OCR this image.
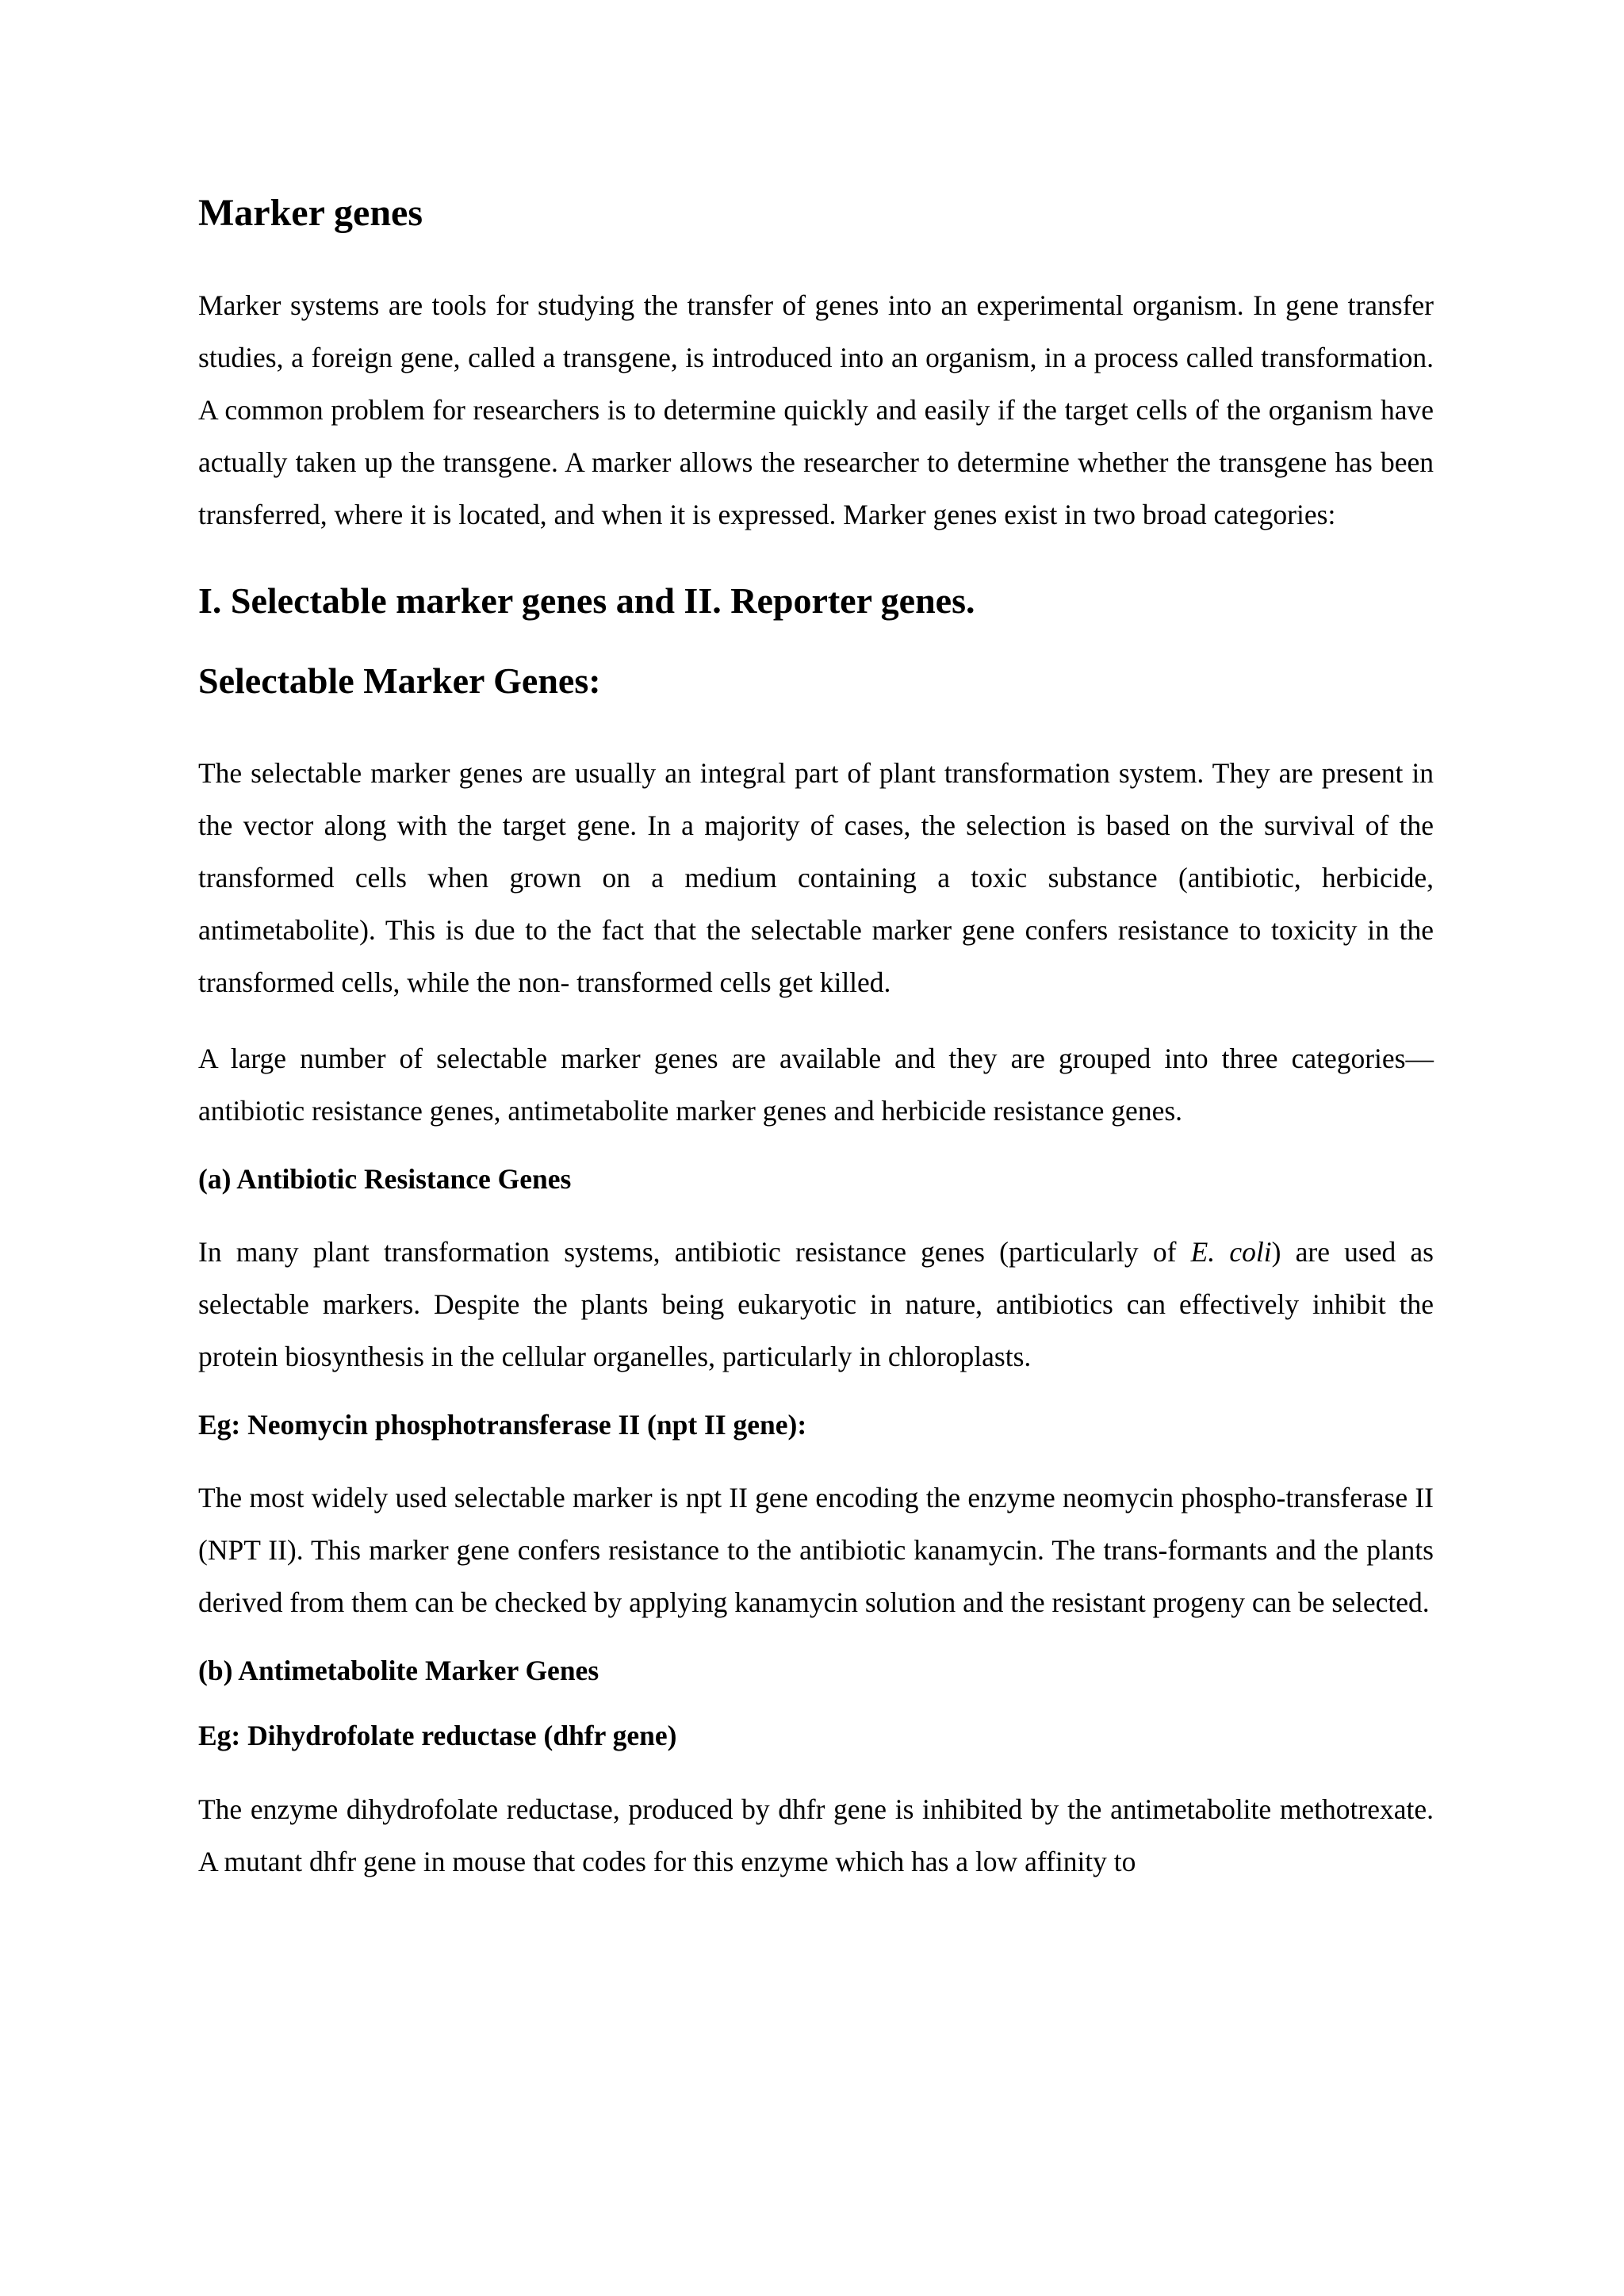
Marker genes

Marker systems are tools for studying the transfer of genes into an experimental organism. In gene transfer studies, a foreign gene, called a transgene, is introduced into an organism, in a process called transformation. A common problem for researchers is to determine quickly and easily if the target cells of the organism have actually taken up the transgene. A marker allows the researcher to determine whether the transgene has been transferred, where it is located, and when it is expressed. Marker genes exist in two broad categories:

I. Selectable marker genes and II. Reporter genes.
Selectable Marker Genes:

The selectable marker genes are usually an integral part of plant transformation system. They are present in the vector along with the target gene. In a majority of cases, the selection is based on the survival of the transformed cells when grown on a medium containing a toxic substance (antibiotic, herbicide, antimetabolite). This is due to the fact that the selectable marker gene confers resistance to toxicity in the transformed cells, while the non- transformed cells get killed.

A large number of selectable marker genes are available and they are grouped into three categories— antibiotic resistance genes, antimetabolite marker genes and herbicide resistance genes.

(a) Antibiotic Resistance Genes

In many plant transformation systems, antibiotic resistance genes (particularly of E. coli) are used as selectable markers. Despite the plants being eukaryotic in nature, antibiotics can effectively inhibit the protein biosynthesis in the cellular organelles, particularly in chloroplasts.

Eg: Neomycin phosphotransferase II (npt II gene):

The most widely used selectable marker is npt II gene encoding the enzyme neomycin phospho-transferase II (NPT II). This marker gene confers resistance to the antibiotic kanamycin. The trans-formants and the plants derived from them can be checked by applying kanamycin solution and the resistant progeny can be selected.

(b) Antimetabolite Marker Genes
Eg: Dihydrofolate reductase (dhfr gene)

The enzyme dihydrofolate reductase, produced by dhfr gene is inhibited by the antimetabolite methotrexate. A mutant dhfr gene in mouse that codes for this enzyme which has a low affinity to
